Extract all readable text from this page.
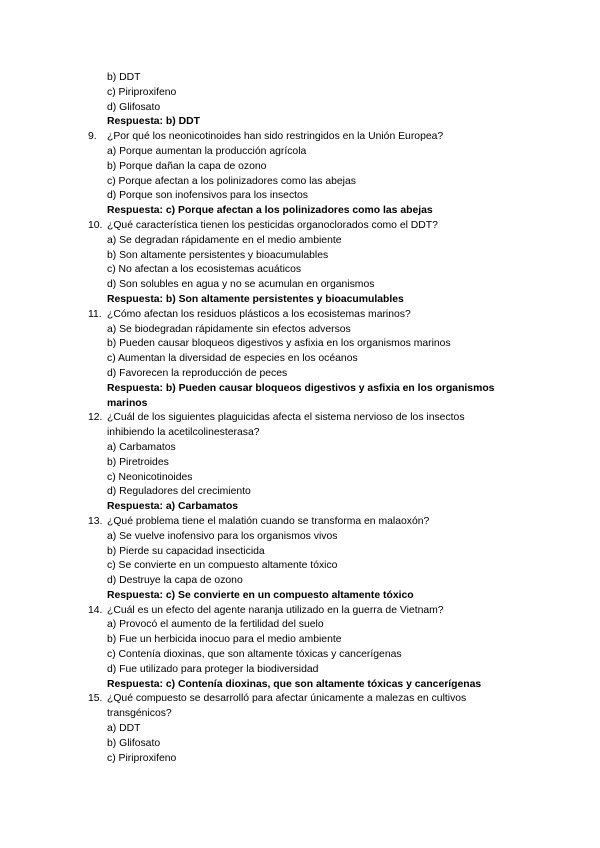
b) DDT
c) Piriproxifeno
d) Glifosato
Respuesta: b) DDT
9. ¿Por qué los neonicotinoides han sido restringidos en la Unión Europea?
a) Porque aumentan la producción agrícola
b) Porque dañan la capa de ozono
c) Porque afectan a los polinizadores como las abejas
d) Porque son inofensivos para los insectos
Respuesta: c) Porque afectan a los polinizadores como las abejas
10. ¿Qué característica tienen los pesticidas organoclorados como el DDT?
a) Se degradan rápidamente en el medio ambiente
b) Son altamente persistentes y bioacumulables
c) No afectan a los ecosistemas acuáticos
d) Son solubles en agua y no se acumulan en organismos
Respuesta: b) Son altamente persistentes y bioacumulables
11. ¿Cómo afectan los residuos plásticos a los ecosistemas marinos?
a) Se biodegradan rápidamente sin efectos adversos
b) Pueden causar bloqueos digestivos y asfixia en los organismos marinos
c) Aumentan la diversidad de especies en los océanos
d) Favorecen la reproducción de peces
Respuesta: b) Pueden causar bloqueos digestivos y asfixia en los organismos marinos
12. ¿Cuál de los siguientes plaguicidas afecta el sistema nervioso de los insectos inhibiendo la acetilcolinesterasa?
a) Carbamatos
b) Piretroides
c) Neonicotinoides
d) Reguladores del crecimiento
Respuesta: a) Carbamatos
13. ¿Qué problema tiene el malatión cuando se transforma en malaoxón?
a) Se vuelve inofensivo para los organismos vivos
b) Pierde su capacidad insecticida
c) Se convierte en un compuesto altamente tóxico
d) Destruye la capa de ozono
Respuesta: c) Se convierte en un compuesto altamente tóxico
14. ¿Cuál es un efecto del agente naranja utilizado en la guerra de Vietnam?
a) Provocó el aumento de la fertilidad del suelo
b) Fue un herbicida inocuo para el medio ambiente
c) Contenía dioxinas, que son altamente tóxicas y cancerígenas
d) Fue utilizado para proteger la biodiversidad
Respuesta: c) Contenía dioxinas, que son altamente tóxicas y cancerígenas
15. ¿Qué compuesto se desarrolló para afectar únicamente a malezas en cultivos transgénicos?
a) DDT
b) Glifosato
c) Piriproxifeno
